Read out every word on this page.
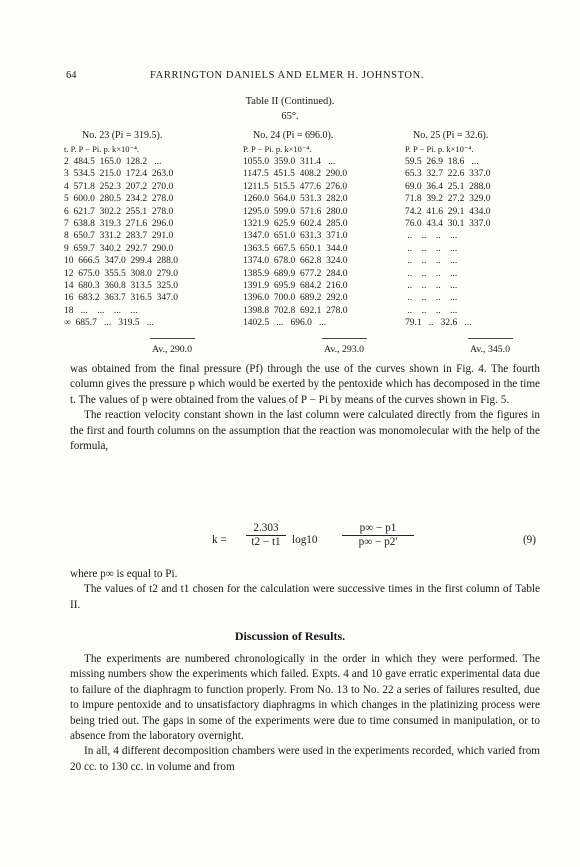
64	FARRINGTON DANIELS AND ELMER H. JOHNSTON.
Table II (Continued).
65°.
No. 23 (Pi = 319.5).
t. P. P − Pi. p. k×10⁻⁴.
2  484.5  165.0  128.2   ...
3  534.5  215.0  172.4  263.0
4  571.8  252.3  207.2  270.0
5  600.0  280.5  234.2  278.0
6  621.7  302.2  255.1  278.0
7  638.8  319.3  271.6  296.0
8  650.7  331.2  283.7  291.0
9  659.7  340.2  292.7  290.0
10  666.5  347.0  299.4  288.0
12  675.0  355.5  308.0  279.0
14  680.3  360.8  313.5  325.0
16  683.2  363.7  316.5  347.0
18   ...    ...    ...    ...
∞  685.7   ...   319.5   ...
No. 24 (Pi = 696.0).
P. P − Pi. p. k×10⁻⁴.
1055.0  359.0  311.4   ...
1147.5  451.5  408.2  290.0
1211.5  515.5  477.6  276.0
1260.0  564.0  531.3  282.0
1295.0  599.0  571.6  280.0
1321.9  625.9  602.4  285.0
1347.0  651.0  631.3  371.0
1363.5  667.5  650.1  344.0
1374.0  678.0  662.8  324.0
1385.9  689.9  677.2  284.0
1391.9  695.9  684.2  216.0
1396.0  700.0  689.2  292.0
1398.8  702.8  692.1  278.0
1402.5   ...   696.0   ...
No. 25 (Pi = 32.6).
P. P − Pi. p. k×10⁻⁴.
59.5  26.9  18.6   ...
65.3  32.7  22.6  337.0
69.0  36.4  25.1  288.0
71.8  39.2  27.2  329.0
74.2  41.6  29.1  434.0
76.0  43.4  30.1  337.0
..    ..    ..    ...
..    ..    ..    ...
..    ..    ..    ...
..    ..    ..    ...
..    ..    ..    ...
..    ..    ..    ...
..    ..    ..    ...
79.1   ..   32.6   ...
Av., 290.0	Av., 293.0	Av., 345.0

was obtained from the final pressure (Pf) through the use of the curves shown in Fig. 4. The fourth column gives the pressure p which would be exerted by the pentoxide which has decomposed in the time t. The values of p were obtained from the values of P − Pi by means of the curves shown in Fig. 5.

The reaction velocity constant shown in the last column were calculated directly from the figures in the first and fourth columns on the assumption that the reaction was monomolecular with the help of the formula,

$k = \frac{2.303}{t2 - t1} \log 10 \frac{p\infty - p1}{p\infty - p2'}$	(9)

where p∞ is equal to Pi.

The values of t2 and t1 chosen for the calculation were successive times in the first column of Table II.

Discussion of Results.

The experiments are numbered chronologically in the order in which they were performed. The missing numbers show the experiments which failed. Expts. 4 and 10 gave erratic experimental data due to failure of the diaphragm to function properly. From No. 13 to No. 22 a series of failures resulted, due to impure pentoxide and to unsatisfactory diaphragms in which changes in the platinizing process were being tried out. The gaps in some of the experiments were due to time consumed in manipulation, or to absence from the laboratory overnight.

In all, 4 different decomposition chambers were used in the experiments recorded, which varied from 20 cc. to 130 cc. in volume and from
